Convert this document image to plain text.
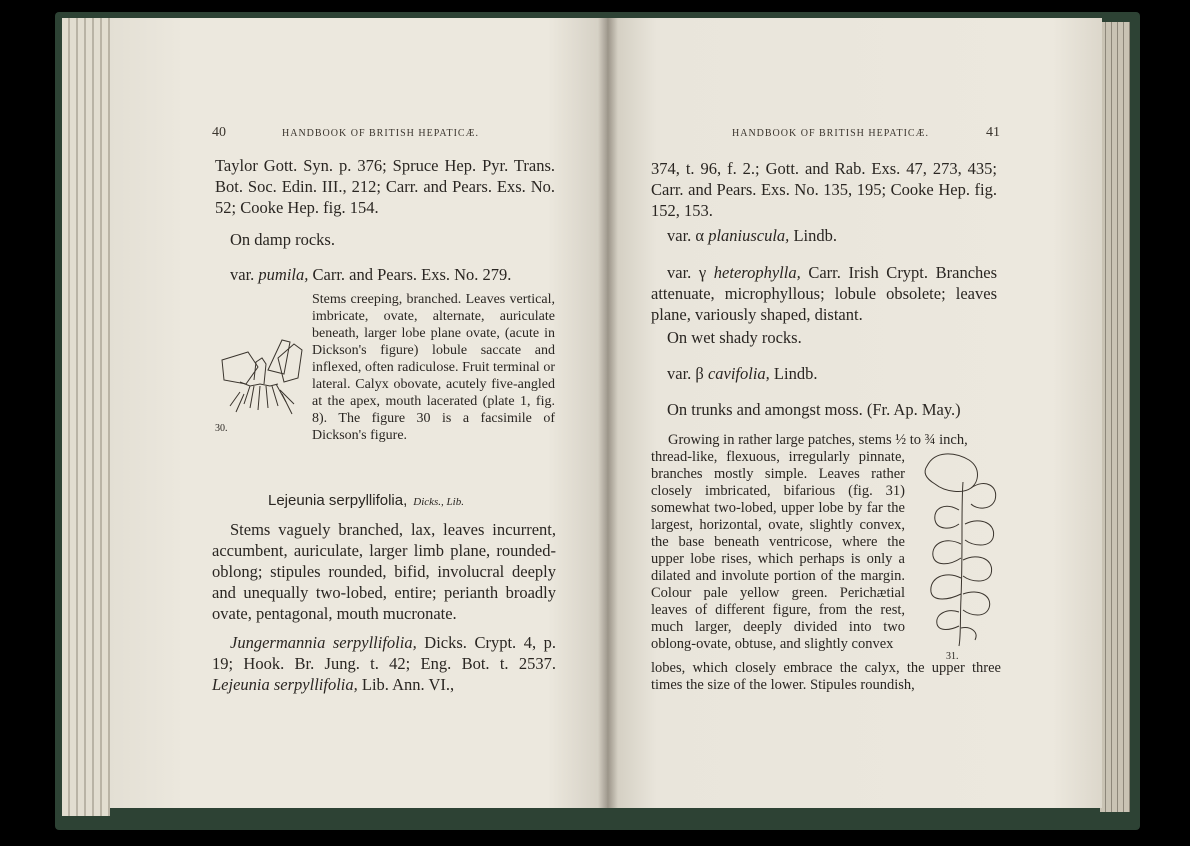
40	HANDBOOK OF BRITISH HEPATICÆ.
Taylor Gott. Syn. p. 376; Spruce Hep. Pyr. Trans. Bot. Soc. Edin. III., 212; Carr. and Pears. Exs. No. 52; Cooke Hep. fig. 154.
On damp rocks.
var. pumila, Carr. and Pears. Exs. No. 279.
30.
Stems creeping, branched. Leaves vertical, imbricate, ovate, alternate, auriculate beneath, larger lobe plane ovate, (acute in Dickson's figure) lobule saccate and inflexed, often radiculose. Fruit terminal or lateral. Calyx obovate, acutely five-angled at the apex, mouth lacerated (plate 1, fig. 8). The figure 30 is a facsimile of Dickson's figure.
Lejeunia serpyllifolia, Dicks., Lib.
Stems vaguely branched, lax, leaves incurrent, accumbent, auriculate, larger limb plane, rounded-oblong; stipules rounded, bifid, involucral deeply and unequally two-lobed, entire; perianth broadly ovate, pentagonal, mouth mucronate.
Jungermannia serpyllifolia, Dicks. Crypt. 4, p. 19; Hook. Br. Jung. t. 42; Eng. Bot. t. 2537. Lejeunia serpyllifolia, Lib. Ann. VI.,
HANDBOOK OF BRITISH HEPATICÆ.	41
374, t. 96, f. 2.; Gott. and Rab. Exs. 47, 273, 435; Carr. and Pears. Exs. No. 135, 195; Cooke Hep. fig. 152, 153.
var. α planiuscula, Lindb.
var. γ heterophylla, Carr. Irish Crypt. Branches attenuate, microphyllous; lobule obsolete; leaves plane, variously shaped, distant.
On wet shady rocks.
var. β cavifolia, Lindb.
On trunks and amongst moss. (Fr. Ap. May.)
Growing in rather large patches, stems ½ to ¾ inch,
31.
thread-like, flexuous, irregularly pinnate, branches mostly simple. Leaves rather closely imbricated, bifarious (fig. 31) somewhat two-lobed, upper lobe by far the largest, horizontal, ovate, slightly convex, the base beneath ventricose, where the upper lobe rises, which perhaps is only a dilated and involute portion of the margin. Colour pale yellow green. Perichætial leaves of different figure, from the rest, much larger, deeply divided into two oblong-ovate, obtuse, and slightly convex
lobes, which closely embrace the calyx, the upper three times the size of the lower. Stipules roundish,
